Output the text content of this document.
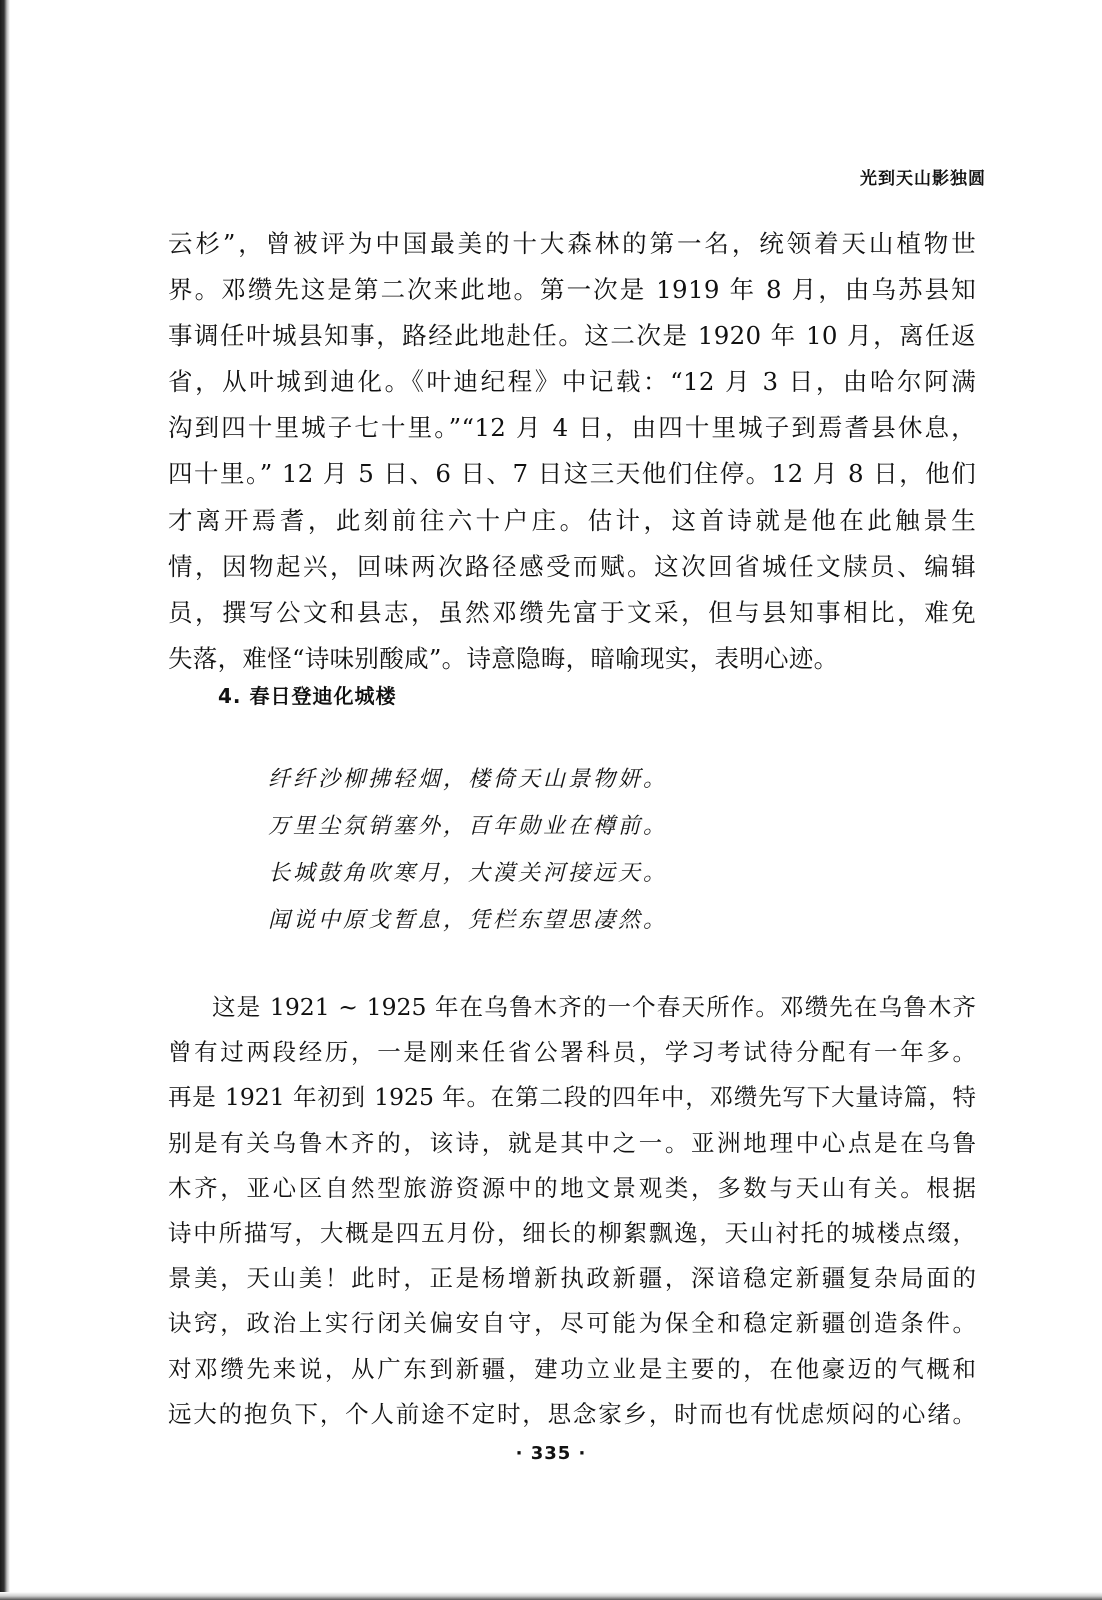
光到天山影独圆
云杉”，曾被评为中国最美的十大森林的第一名，统领着天山植物世
界。邓缵先这是第二次来此地。第一次是 1919 年 8 月，由乌苏县知
事调任叶城县知事，路经此地赴任。这二次是 1920 年 10 月，离任返
省，从叶城到迪化。《叶迪纪程》中记载：“12 月 3 日，由哈尔阿满
沟到四十里城子七十里。”“12 月 4 日，由四十里城子到焉耆县休息，
四十里。” 12 月 5 日、6 日、7 日这三天他们住停。12 月 8 日，他们
才离开焉耆，此刻前往六十户庄。估计，这首诗就是他在此触景生
情，因物起兴，回味两次路径感受而赋。这次回省城任文牍员、编辑
员，撰写公文和县志，虽然邓缵先富于文采，但与县知事相比，难免
失落，难怪“诗味别酸咸”。诗意隐晦，暗喻现实，表明心迹。
4. 春日登迪化城楼
纤纤沙柳拂轻烟，楼倚天山景物妍。
万里尘氛销塞外，百年勋业在樽前。
长城鼓角吹寒月，大漠关河接远天。
闻说中原戈暂息，凭栏东望思凄然。
这是 1921 ~ 1925 年在乌鲁木齐的一个春天所作。邓缵先在乌鲁木齐
曾有过两段经历，一是刚来任省公署科员，学习考试待分配有一年多。
再是 1921 年初到 1925 年。在第二段的四年中，邓缵先写下大量诗篇，特
别是有关乌鲁木齐的，该诗，就是其中之一。亚洲地理中心点是在乌鲁
木齐，亚心区自然型旅游资源中的地文景观类，多数与天山有关。根据
诗中所描写，大概是四五月份，细长的柳絮飘逸，天山衬托的城楼点缀，
景美，天山美！此时，正是杨增新执政新疆，深谙稳定新疆复杂局面的
诀窍，政治上实行闭关偏安自守，尽可能为保全和稳定新疆创造条件。
对邓缵先来说，从广东到新疆，建功立业是主要的，在他豪迈的气概和
远大的抱负下，个人前途不定时，思念家乡，时而也有忧虑烦闷的心绪。
· 335 ·
